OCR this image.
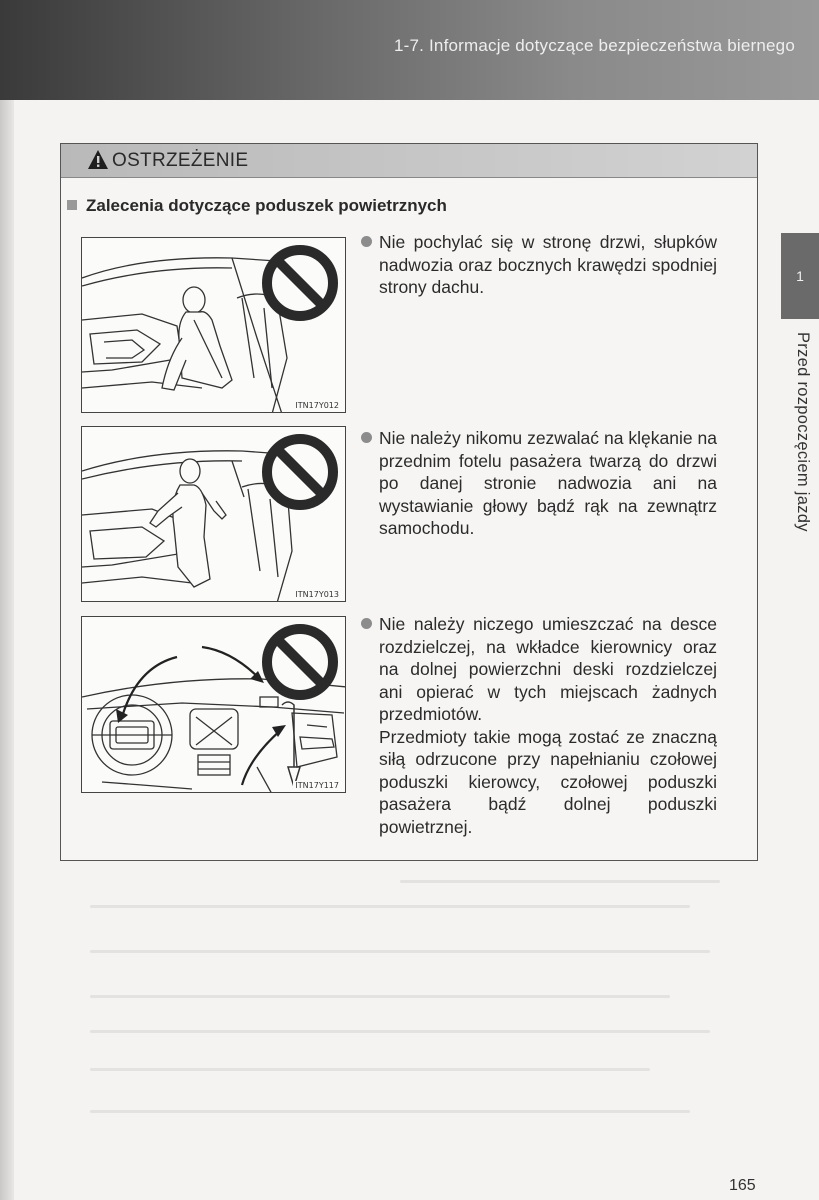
1-7. Informacje dotyczące bezpieczeństwa biernego
OSTRZEŻENIE
Zalecenia dotyczące poduszek powietrznych
ITN17Y012
ITN17Y013
ITN17Y117
Nie pochylać się w stronę drzwi, słupków nadwozia oraz bocznych krawędzi spodniej strony dachu.
Nie należy nikomu zezwalać na klękanie na przednim fotelu pasażera twarzą do drzwi po danej stronie nadwozia ani na wystawianie głowy bądź rąk na zewnątrz samochodu.
Nie należy niczego umieszczać na desce rozdzielczej, na wkładce kierownicy oraz na dolnej powierzchni deski rozdzielczej ani opierać w tych miejscach żadnych przedmiotów.
Przedmioty takie mogą zostać ze znaczną siłą odrzucone przy napełnianiu czołowej poduszki kierowcy, czołowej poduszki pasażera bądź dolnej poduszki powietrznej.
1
Przed rozpoczęciem jazdy
165
